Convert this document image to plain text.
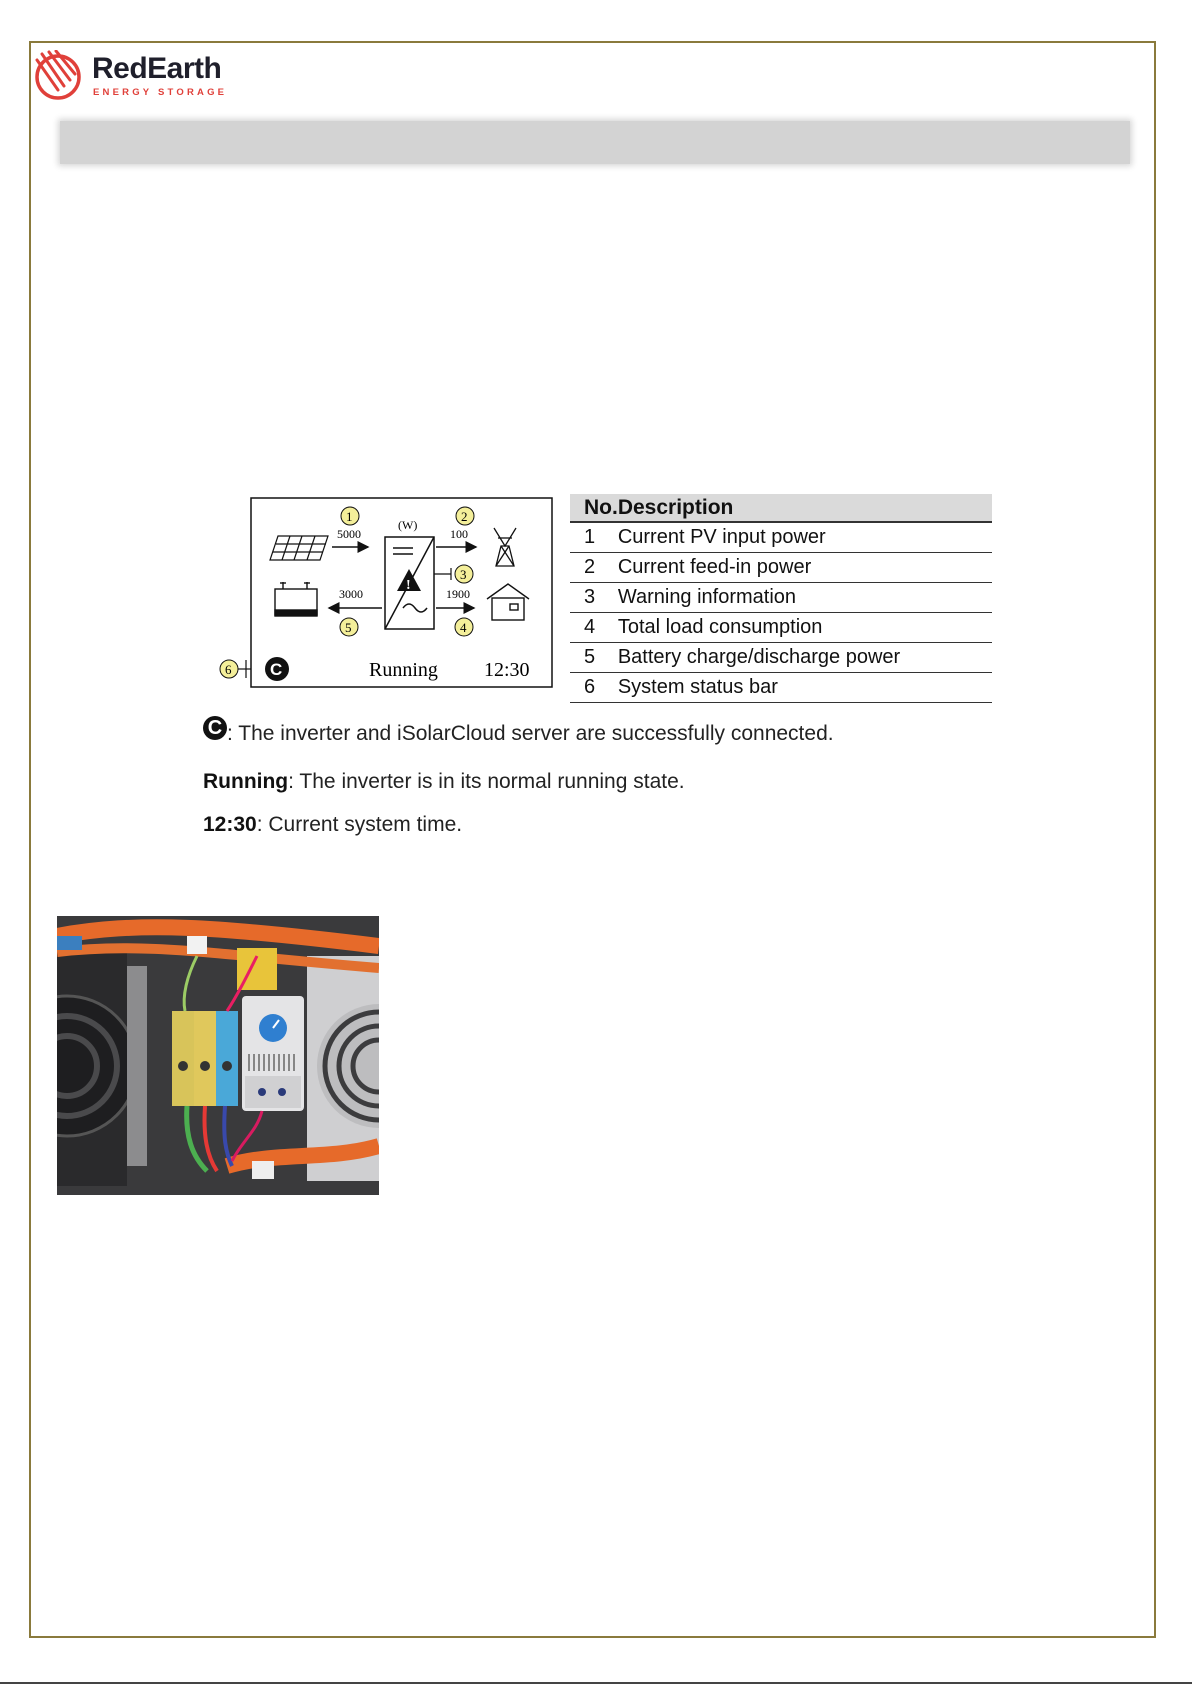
RedEarth
ENERGY STORAGE
5000
1
!
(W)
100
2
3
1900
4
3000
5
6 C	Running 12:30
No.	Description
1	Current PV input power
2	Current feed-in power
3	Warning information
4	Total load consumption
5	Battery charge/discharge power
6	System status bar
C : The inverter and iSolarCloud server are successfully connected.
Running: The inverter is in its normal running state.
12:30: Current system time.
